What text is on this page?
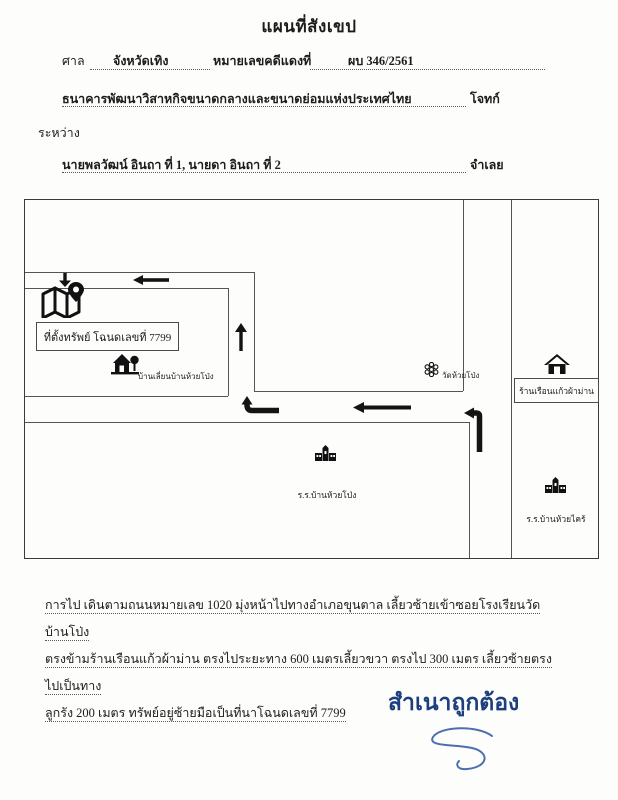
แผนที่สังเขป
ศาล จังหวัดเทิง	หมายเลขคดีแดงที่	ผบ 346/2561
ธนาคารพัฒนาวิสาหกิจขนาดกลางและขนาดย่อมแห่งประเทศไทย	โจทก์
ระหว่าง
นายพลวัฒน์ อินถา ที่ 1, นายดา อินถา ที่ 2	จำเลย
ที่ตั้งทรัพย์ โฉนดเลขที่ 7799
บ้านเลี่ยนบ้านห้วยโป่ง	วัดห้วยโป่ง
ร.ร.บ้านห้วยโป่ง
ร้านเรือนแก้วผ้าม่าน
ร.ร.บ้านห้วยไคร้
การไป เดินตามถนนหมายเลข 1020 มุ่งหน้าไปทางอำเภอขุนตาล เลี้ยวซ้ายเข้าซอยโรงเรียนวัดบ้านโป่ง
ตรงข้ามร้านเรือนแก้วผ้าม่าน ตรงไประยะทาง 600 เมตรเลี้ยวขวา ตรงไป 300 เมตร เลี้ยวซ้ายตรงไปเป็นทาง
ลูกรัง 200 เมตร ทรัพย์อยู่ซ้ายมือเป็นที่นาโฉนดเลขที่ 7799	สำเนาถูกต้อง
